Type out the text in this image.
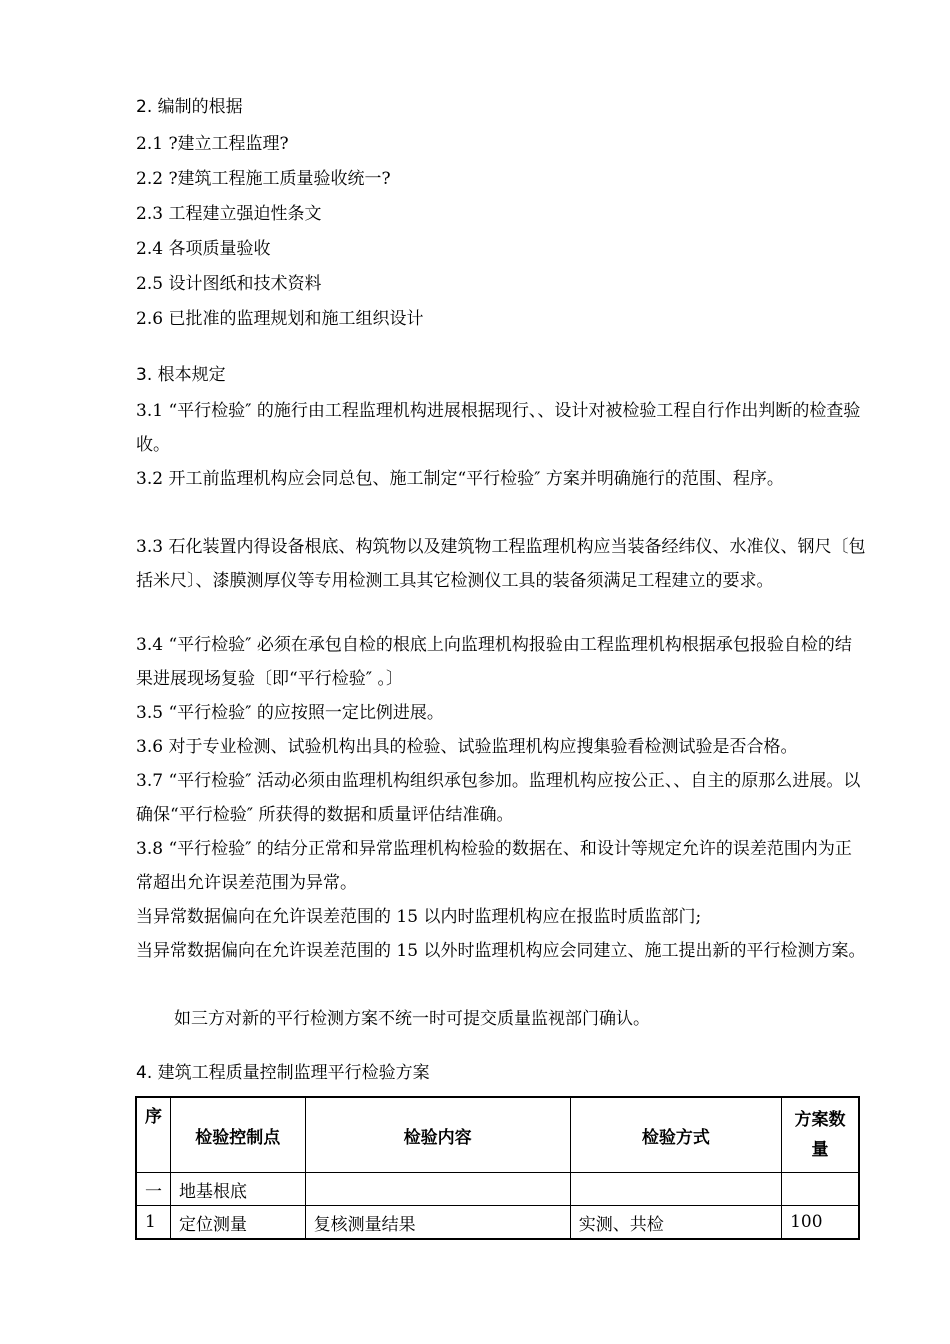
2. 编制的根据
2.1 ?建立工程监理?
2.2 ?建筑工程施工质量验收统一?
2.3 工程建立强迫性条文
2.4 各项质量验收
2.5 设计图纸和技术资料
2.6 已批准的监理规划和施工组织设计
3. 根本规定
3.1 “平行检验″ 的施行由工程监理机构进展根据现行、、设计对被检验工程自行作出判断的检查验收。
3.2 开工前监理机构应会同总包、施工制定“平行检验″ 方案并明确施行的范围、程序。
3.3 石化装置内得设备根底、构筑物以及建筑物工程监理机构应当装备经纬仪、水准仪、钢尺〔包括米尺〕、漆膜测厚仪等专用检测工具其它检测仪工具的装备须满足工程建立的要求。
3.4 “平行检验″ 必须在承包自检的根底上向监理机构报验由工程监理机构根据承包报验自检的结果进展现场复验〔即“平行检验″ 。〕
3.5 “平行检验″ 的应按照一定比例进展。
3.6 对于专业检测、试验机构出具的检验、试验监理机构应搜集验看检测试验是否合格。
3.7 “平行检验″ 活动必须由监理机构组织承包参加。监理机构应按公正、、自主的原那么进展。以确保“平行检验″ 所获得的数据和质量评估结准确。
3.8 “平行检验″ 的结分正常和异常监理机构检验的数据在、和设计等规定允许的误差范围内为正常超出允许误差范围为异常。
当异常数据偏向在允许误差范围的 15 以内时监理机构应在报监时质监部门;
当异常数据偏向在允许误差范围的 15 以外时监理机构应会同建立、施工提出新的平行检测方案。
如三方对新的平行检测方案不统一时可提交质量监视部门确认。
4. 建筑工程质量控制监理平行检验方案
序	检验控制点	检验内容	检验方式	方案数量
一	地基根底			
1	定位测量	复核测量结果	实测、共检	100
